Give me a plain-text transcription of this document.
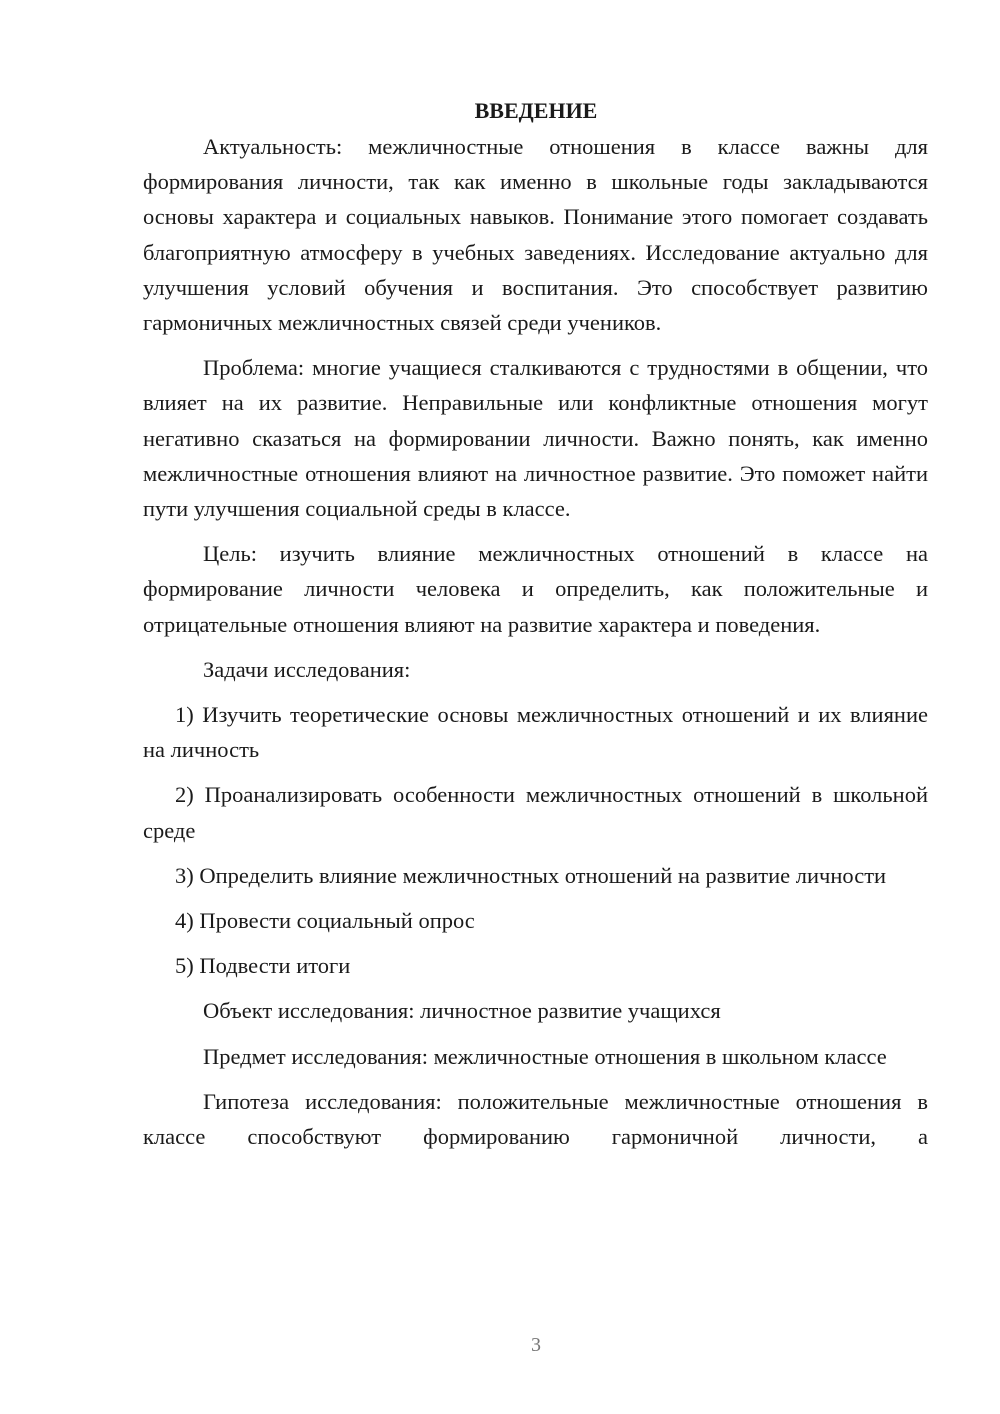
ВВЕДЕНИЕ

Актуальность: межличностные отношения в классе важны для формирования личности, так как именно в школьные годы закладываются основы характера и социальных навыков. Понимание этого помогает создавать благоприятную атмосферу в учебных заведениях. Исследование актуально для улучшения условий обучения и воспитания. Это способствует развитию гармоничных межличностных связей среди учеников.

Проблема: многие учащиеся сталкиваются с трудностями в общении, что влияет на их развитие. Неправильные или конфликтные отношения могут негативно сказаться на формировании личности. Важно понять, как именно межличностные отношения влияют на личностное развитие. Это поможет найти пути улучшения социальной среды в классе.

Цель: изучить влияние межличностных отношений в классе на формирование личности человека и определить, как положительные и отрицательные отношения влияют на развитие характера и поведения.

Задачи исследования:

1) Изучить теоретические основы межличностных отношений и их влияние на личность

2) Проанализировать особенности межличностных отношений в школьной среде

3) Определить влияние межличностных отношений на развитие личности

4) Провести социальный опрос

5) Подвести итоги

Объект исследования: личностное развитие учащихся

Предмет исследования: межличностные отношения в школьном классе

Гипотеза исследования: положительные межличностные отношения в классе способствуют формированию гармоничной личности, а

3
